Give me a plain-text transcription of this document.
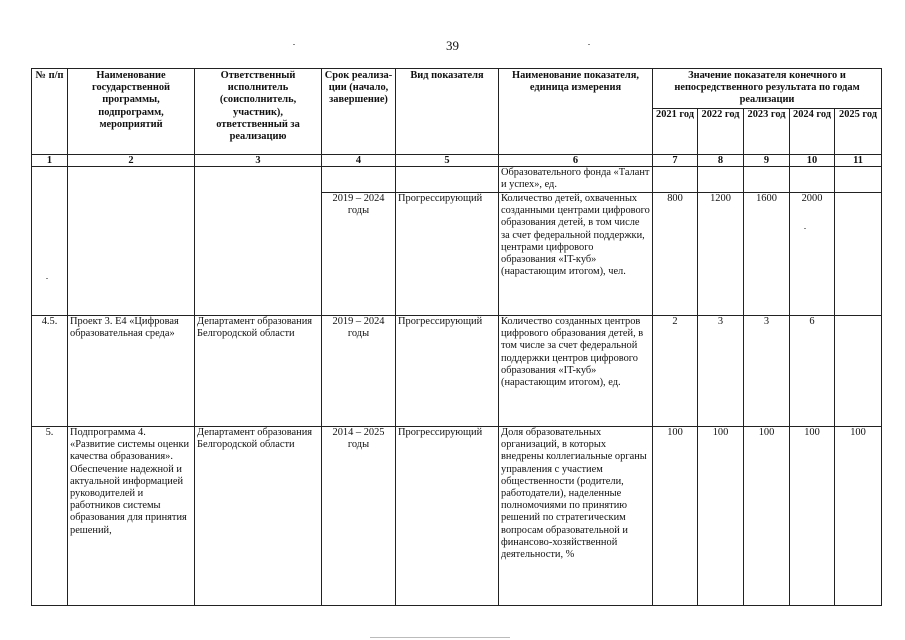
39
№ п/п	Наименование государственной программы, подпрограмм, мероприятий	Ответственный исполнитель (соисполнитель, участник), ответственный за реализацию	Срок реализа-ции (начало, завершение)	Вид показателя	Наименование показателя, единица измерения	Значение показателя конечного и непосредственного результата по годам реализации				
						2021 год	2022 год	2023 год	2024 год	2025 год
1	2	3	4	5	6	7	8	9	10	11
					Образовательного фонда «Талант и успех», ед.					
			2019 – 2024 годы	Прогрессирующий	Количество детей, охваченных созданными центрами цифрового образования детей, в том числе за счет федеральной поддержки, центрами цифрового образования «IT-куб» (нарастающим итогом), чел.	800	1200	1600	2000	
4.5.	Проект 3. Е4 «Цифровая образовательная среда»	Департамент образования Белгородской области	2019 – 2024 годы	Прогрессирующий	Количество созданных центров цифрового образования детей, в том числе за счет федеральной поддержки центров цифрового образования «IT-куб» (нарастающим итогом), ед.	2	3	3	6	
5.	Подпрограмма 4. «Развитие системы оценки качества образования». Обеспечение надежной и актуальной информацией руководителей и работников системы образования для принятия решений,	Департамент образования Белгородской области	2014 – 2025 годы	Прогрессирующий	Доля образовательных организаций, в которых внедрены коллегиальные органы управления с участием общественности (родители, работодатели), наделенные полномочиями по принятию решений по стратегическим вопросам образовательной и финансово-хозяйственной деятельности, %	100	100	100	100	100
